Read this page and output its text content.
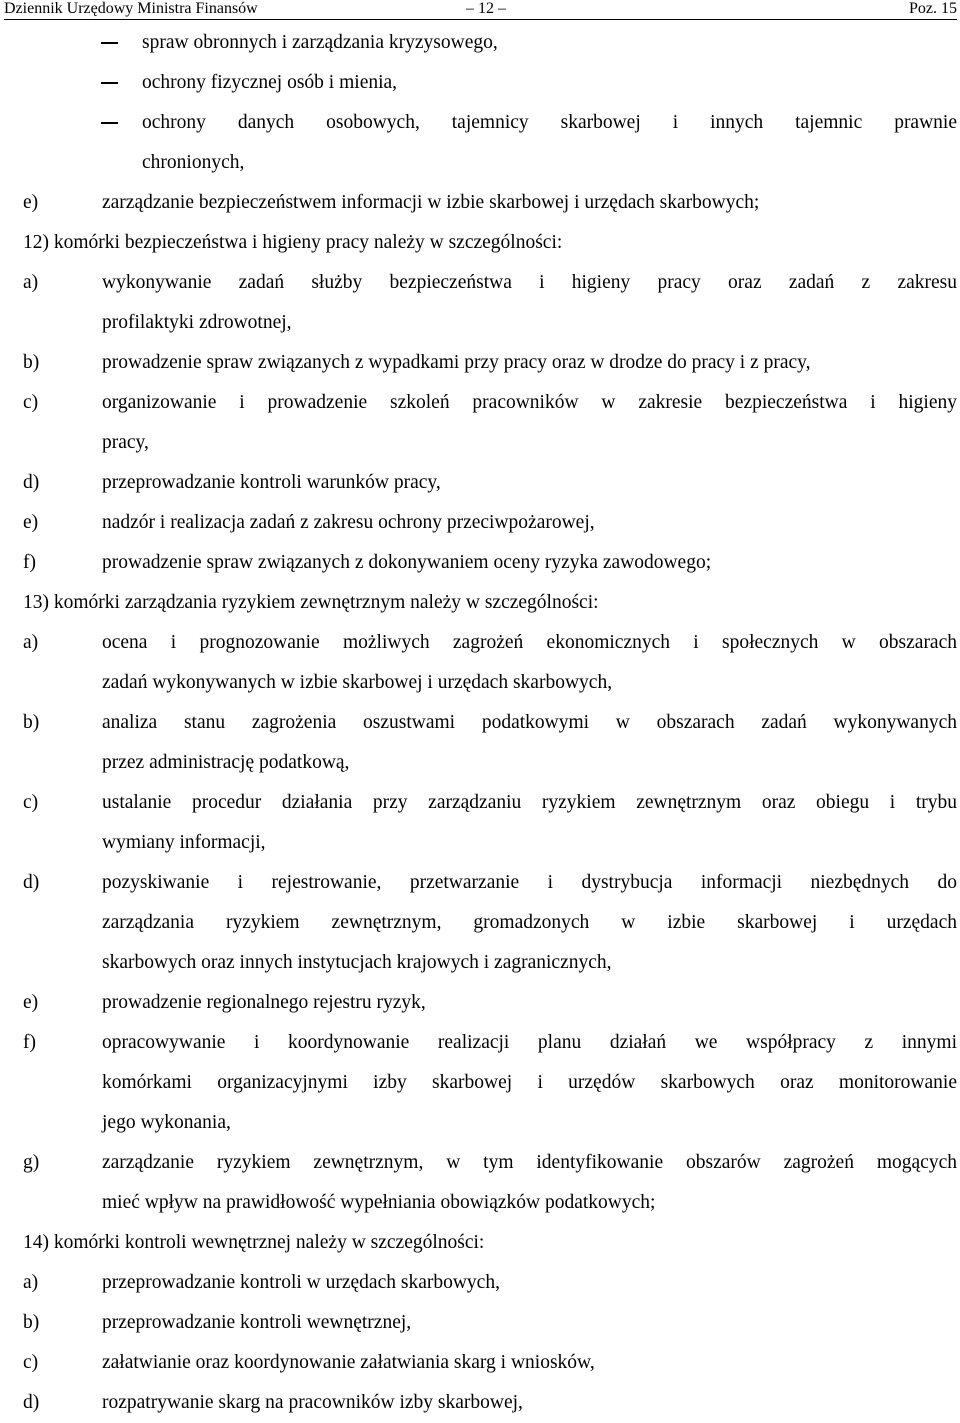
Dziennik Urzędowy Ministra Finansów	– 12 –	Poz. 15
spraw obronnych i zarządzania kryzysowego,
ochrony fizycznej osób i mienia,
ochrony danych osobowych, tajemnicy skarbowej i innych tajemnic prawnie
chronionych,
e)	zarządzanie bezpieczeństwem informacji w izbie skarbowej i urzędach skarbowych;
12) komórki bezpieczeństwa i higieny pracy należy w szczególności:
a)	wykonywanie zadań służby bezpieczeństwa i higieny pracy oraz zadań z zakresu
profilaktyki zdrowotnej,
b)	prowadzenie spraw związanych z wypadkami przy pracy oraz w drodze do pracy i z pracy,
c)	organizowanie i prowadzenie szkoleń pracowników w zakresie bezpieczeństwa i higieny
pracy,
d)	przeprowadzanie kontroli warunków pracy,
e)	nadzór i realizacja zadań z zakresu ochrony przeciwpożarowej,
f)	prowadzenie spraw związanych z dokonywaniem oceny ryzyka zawodowego;
13) komórki zarządzania ryzykiem zewnętrznym należy w szczególności:
a)	ocena i prognozowanie możliwych zagrożeń ekonomicznych i społecznych w obszarach
zadań wykonywanych w izbie skarbowej i urzędach skarbowych,
b)	analiza stanu zagrożenia oszustwami podatkowymi w obszarach zadań wykonywanych
przez administrację podatkową,
c)	ustalanie procedur działania przy zarządzaniu ryzykiem zewnętrznym oraz obiegu i trybu
wymiany informacji,
d)	pozyskiwanie i rejestrowanie, przetwarzanie i dystrybucja informacji niezbędnych do
zarządzania ryzykiem zewnętrznym, gromadzonych w izbie skarbowej i urzędach
skarbowych oraz innych instytucjach krajowych i zagranicznych,
e)	prowadzenie regionalnego rejestru ryzyk,
f)	opracowywanie i koordynowanie realizacji planu działań we współpracy z innymi
komórkami organizacyjnymi izby skarbowej i urzędów skarbowych oraz monitorowanie
jego wykonania,
g)	zarządzanie ryzykiem zewnętrznym, w tym identyfikowanie obszarów zagrożeń mogących
mieć wpływ na prawidłowość wypełniania obowiązków podatkowych;
14) komórki kontroli wewnętrznej należy w szczególności:
a)	przeprowadzanie kontroli w urzędach skarbowych,
b)	przeprowadzanie kontroli wewnętrznej,
c)	załatwianie oraz koordynowanie załatwiania skarg i wniosków,
d)	rozpatrywanie skarg na pracowników izby skarbowej,
